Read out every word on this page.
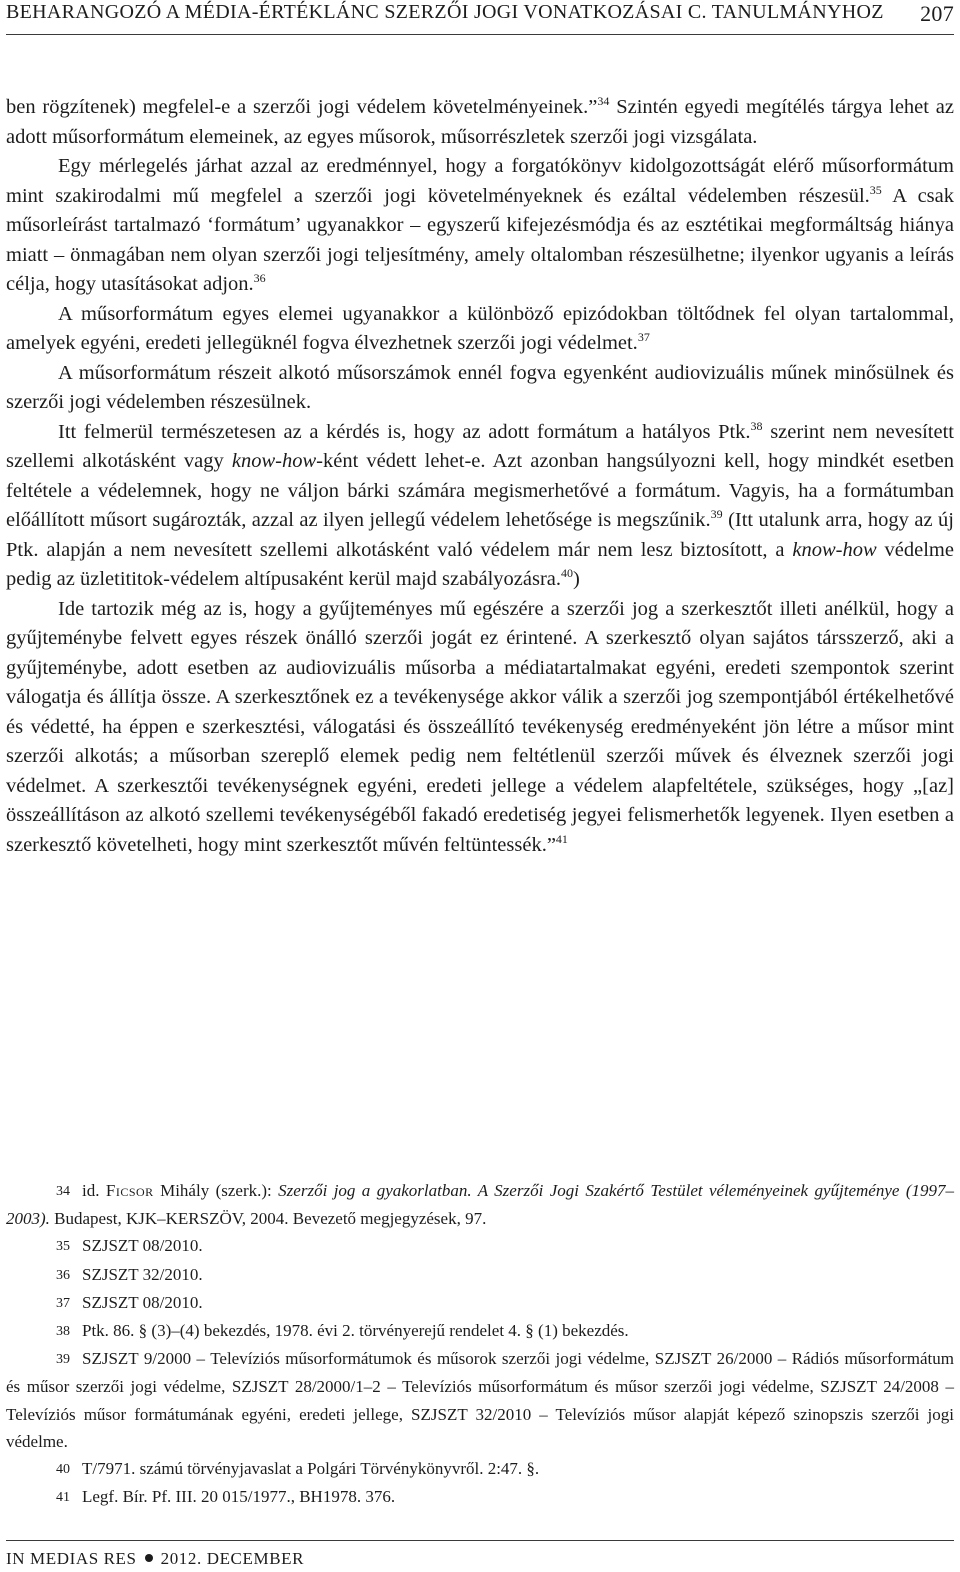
BEHARANGOZÓ A MÉDIA-ÉRTÉKLÁNC SZERZŐI JOGI VONATKOZÁSAI C. TANULMÁNYHOZ 207

ben rögzítenek) megfelel-e a szerzői jogi védelem követelményeinek.”$^{34}$ Szintén egyedi megítélés tárgya lehet az adott műsorformátum elemeinek, az egyes műsorok, műsorrészletek szerzői jogi vizsgálata.

Egy mérlegelés járhat azzal az eredménnyel, hogy a forgatókönyv kidolgozottságát elérő műsorformátum mint szakirodalmi mű megfelel a szerzői jogi követelményeknek és ezáltal védelemben részesül.$^{35}$ A csak műsorleírást tartalmazó ‘formátum’ ugyanakkor – egyszerű kifejezésmódja és az esztétikai megformáltság hiánya miatt – önmagában nem olyan szerzői jogi teljesítmény, amely oltalomban részesülhetne; ilyenkor ugyanis a leírás célja, hogy utasításokat adjon.$^{36}$

A műsorformátum egyes elemei ugyanakkor a különböző epizódokban töltődnek fel olyan tartalommal, amelyek egyéni, eredeti jellegüknél fogva élvezhetnek szerzői jogi védelmet.$^{37}$

A műsorformátum részeit alkotó műsorszámok ennél fogva egyenként audiovizuális műnek minősülnek és szerzői jogi védelemben részesülnek.

Itt felmerül természetesen az a kérdés is, hogy az adott formátum a hatályos Ptk.$^{38}$ szerint nem nevesített szellemi alkotásként vagy know-how-ként védett lehet-e. Azt azonban hangsúlyozni kell, hogy mindkét esetben feltétele a védelemnek, hogy ne váljon bárki számára megismerhetővé a formátum. Vagyis, ha a formátumban előállított műsort sugározták, azzal az ilyen jellegű védelem lehetősége is megszűnik.$^{39}$ (Itt utalunk arra, hogy az új Ptk. alapján a nem nevesített szellemi alkotásként való védelem már nem lesz biztosított, a know-how védelme pedig az üzletititok-védelem altípusaként kerül majd szabályozásra.$^{40}$)

Ide tartozik még az is, hogy a gyűjteményes mű egészére a szerzői jog a szerkesztőt illeti anélkül, hogy a gyűjteménybe felvett egyes részek önálló szerzői jogát ez érintené. A szerkesztő olyan sajátos társszerző, aki a gyűjteménybe, adott esetben az audiovizuális műsorba a médiatartalmakat egyéni, eredeti szempontok szerint válogatja és állítja össze. A szerkesztőnek ez a tevékenysége akkor válik a szerzői jog szempontjából értékelhetővé és védetté, ha éppen e szerkesztési, válogatási és összeállító tevékenység eredményeként jön létre a műsor mint szerzői alkotás; a műsorban szereplő elemek pedig nem feltétlenül szerzői művek és élveznek szerzői jogi védelmet. A szerkesztői tevékenységnek egyéni, eredeti jellege a védelem alapfeltétele, szükséges, hogy „[az] összeállításon az alkotó szellemi tevékenységéből fakadó eredetiség jegyei felismerhetők legyenek. Ilyen esetben a szerkesztő követelheti, hogy mint szerkesztőt művén feltüntessék.”$^{41}$

34 id. Ficsor Mihály (szerk.): Szerzői jog a gyakorlatban. A Szerzői Jogi Szakértő Testület véleményeinek gyűjteménye (1997–2003). Budapest, KJK–KERSZÖV, 2004. Bevezető megjegyzések, 97.

35 SZJSZT 08/2010.

36 SZJSZT 32/2010.

37 SZJSZT 08/2010.

38 Ptk. 86. § (3)–(4) bekezdés, 1978. évi 2. törvényerejű rendelet 4. § (1) bekezdés.

39 SZJSZT 9/2000 – Televíziós műsorformátumok és műsorok szerzői jogi védelme, SZJSZT 26/2000 – Rádiós műsorformátum és műsor szerzői jogi védelme, SZJSZT 28/2000/1–2 – Televíziós műsorformátum és műsor szerzői jogi védelme, SZJSZT 24/2008 – Televíziós műsor formátumának egyéni, eredeti jellege, SZJSZT 32/2010 – Televíziós műsor alapját képező szinopszis szerzői jogi védelme.

40 T/7971. számú törvényjavaslat a Polgári Törvénykönyvről. 2:47. §.

41 Legf. Bír. Pf. III. 20 015/1977., BH1978. 376.

IN MEDIAS RES 2012. DECEMBER
